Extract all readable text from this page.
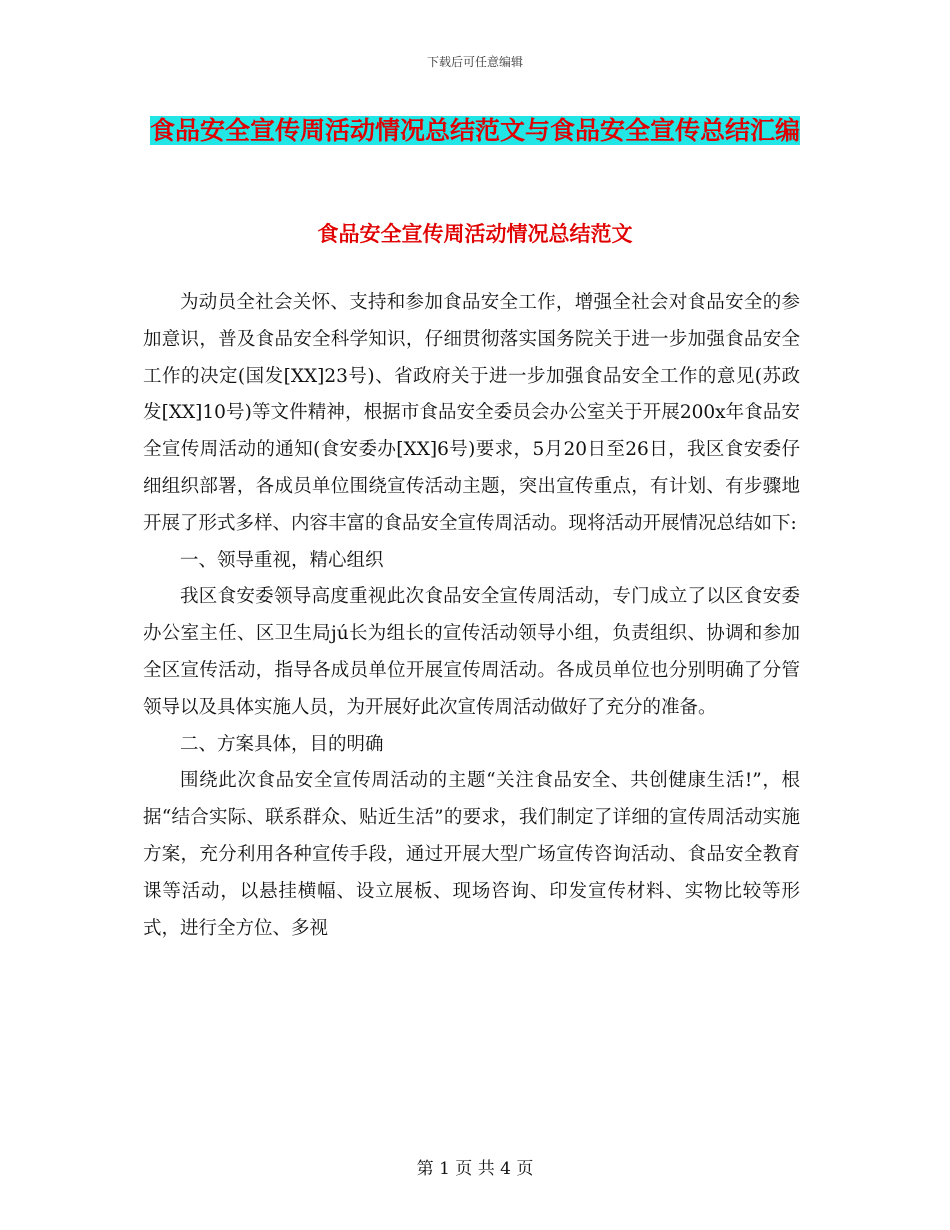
下载后可任意编辑
食品安全宣传周活动情况总结范文与食品安全宣传总结汇编
食品安全宣传周活动情况总结范文

为动员全社会关怀、支持和参加食品安全工作，增强全社会对食品安全的参加意识，普及食品安全科学知识，仔细贯彻落实国务院关于进一步加强食品安全工作的决定(国发[XX]23号)、省政府关于进一步加强食品安全工作的意见(苏政发[XX]10号)等文件精神，根据市食品安全委员会办公室关于开展200x年食品安全宣传周活动的通知(食安委办[XX]6号)要求，5月20日至26日，我区食安委仔细组织部署，各成员单位围绕宣传活动主题，突出宣传重点，有计划、有步骤地开展了形式多样、内容丰富的食品安全宣传周活动。现将活动开展情况总结如下:

一、领导重视，精心组织

我区食安委领导高度重视此次食品安全宣传周活动，专门成立了以区食安委办公室主任、区卫生局jú长为组长的宣传活动领导小组，负责组织、协调和参加全区宣传活动，指导各成员单位开展宣传周活动。各成员单位也分别明确了分管领导以及具体实施人员，为开展好此次宣传周活动做好了充分的准备。

二、方案具体，目的明确

围绕此次食品安全宣传周活动的主题“关注食品安全、共创健康生活!”，根据“结合实际、联系群众、贴近生活”的要求，我们制定了详细的宣传周活动实施方案，充分利用各种宣传手段，通过开展大型广场宣传咨询活动、食品安全教育课等活动，以悬挂横幅、设立展板、现场咨询、印发宣传材料、实物比较等形式，进行全方位、多视

第 1 页 共 4 页
